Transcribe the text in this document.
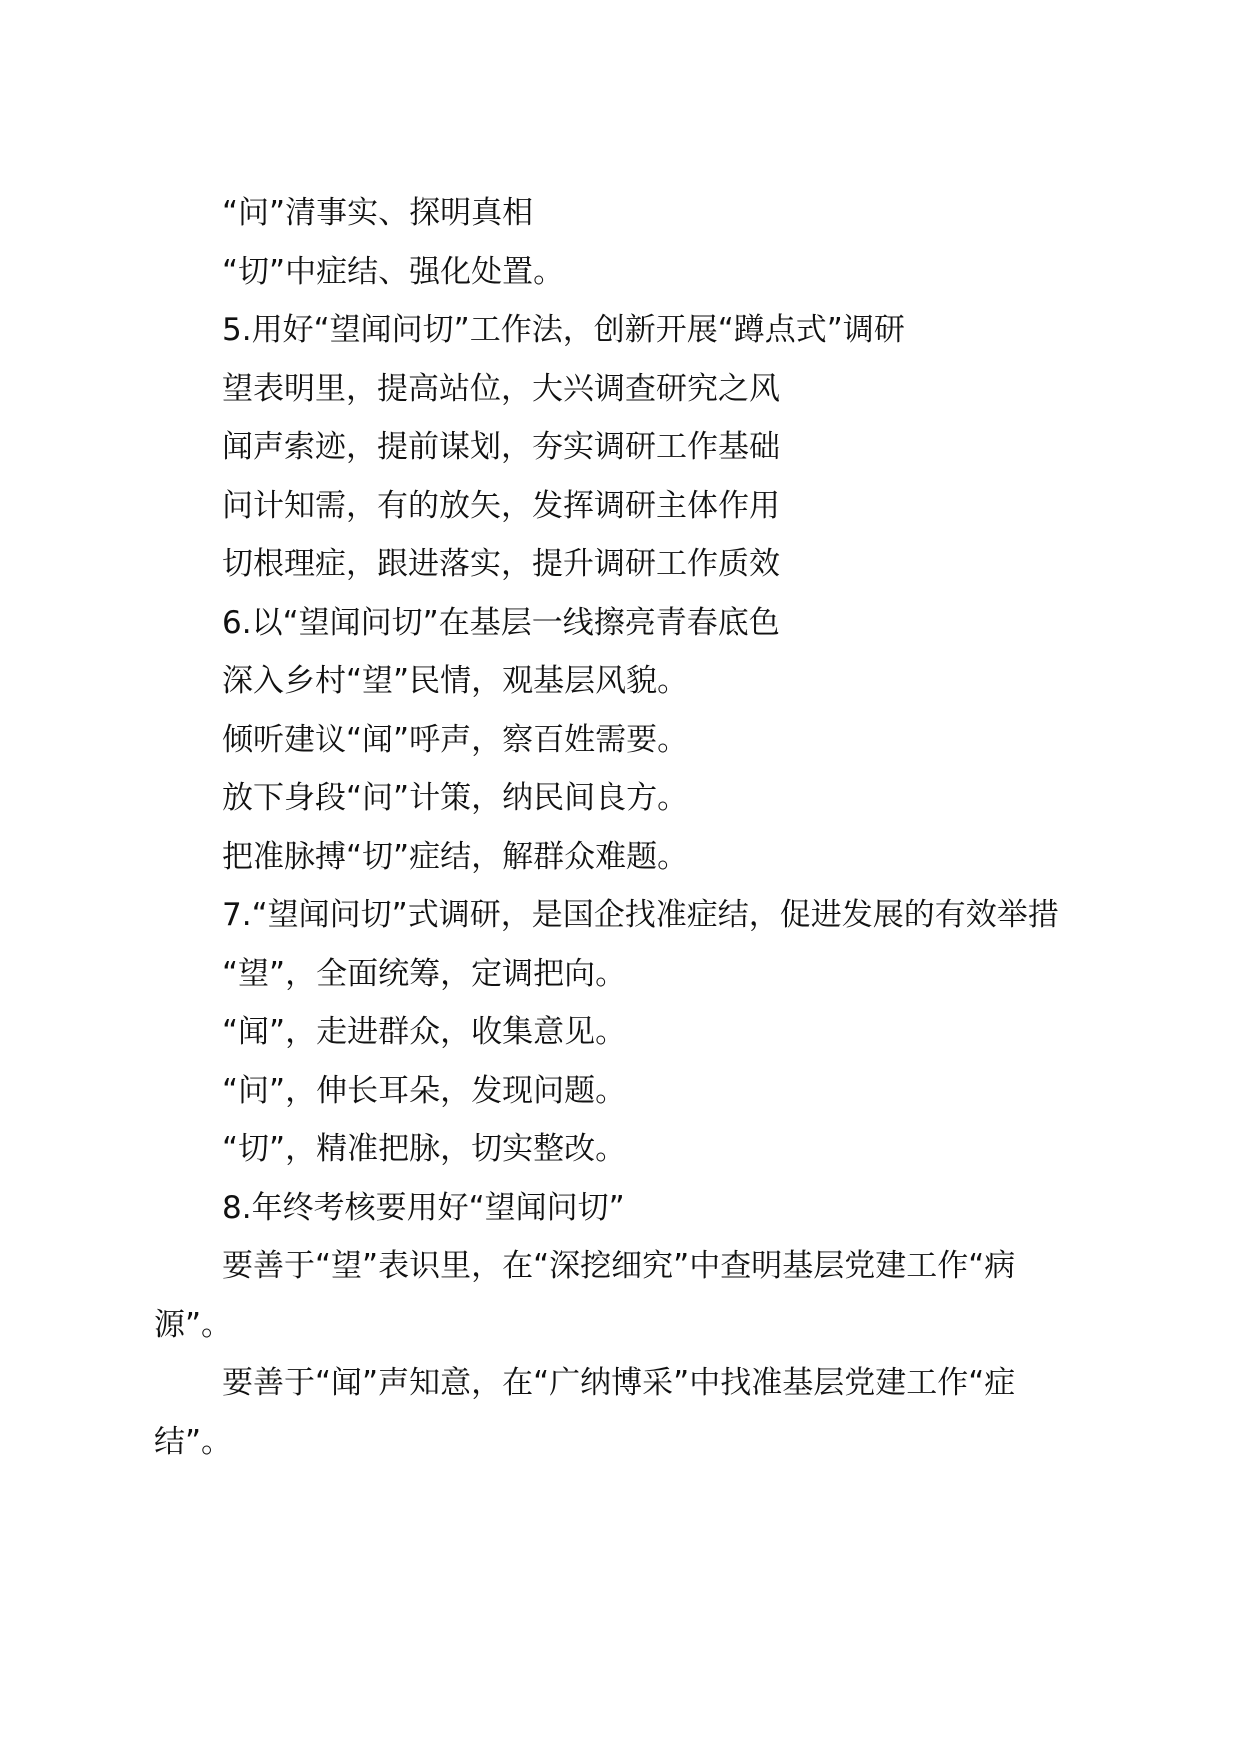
“问”清事实、探明真相

“切”中症结、强化处置。

5.用好“望闻问切”工作法，创新开展“蹲点式”调研

望表明里，提高站位，大兴调查研究之风

闻声索迹，提前谋划，夯实调研工作基础

问计知需，有的放矢，发挥调研主体作用

切根理症，跟进落实，提升调研工作质效

6.以“望闻问切”在基层一线擦亮青春底色

深入乡村“望”民情，观基层风貌。

倾听建议“闻”呼声，察百姓需要。

放下身段“问”计策，纳民间良方。

把准脉搏“切”症结，解群众难题。

7.“望闻问切”式调研，是国企找准症结，促进发展的有效举措

“望”，全面统筹，定调把向。

“闻”，走进群众，收集意见。

“问”，伸长耳朵，发现问题。

“切”，精准把脉，切实整改。

8.年终考核要用好“望闻问切”

要善于“望”表识里，在“深挖细究”中查明基层党建工作“病源”。

要善于“闻”声知意，在“广纳博采”中找准基层党建工作“症结”。
